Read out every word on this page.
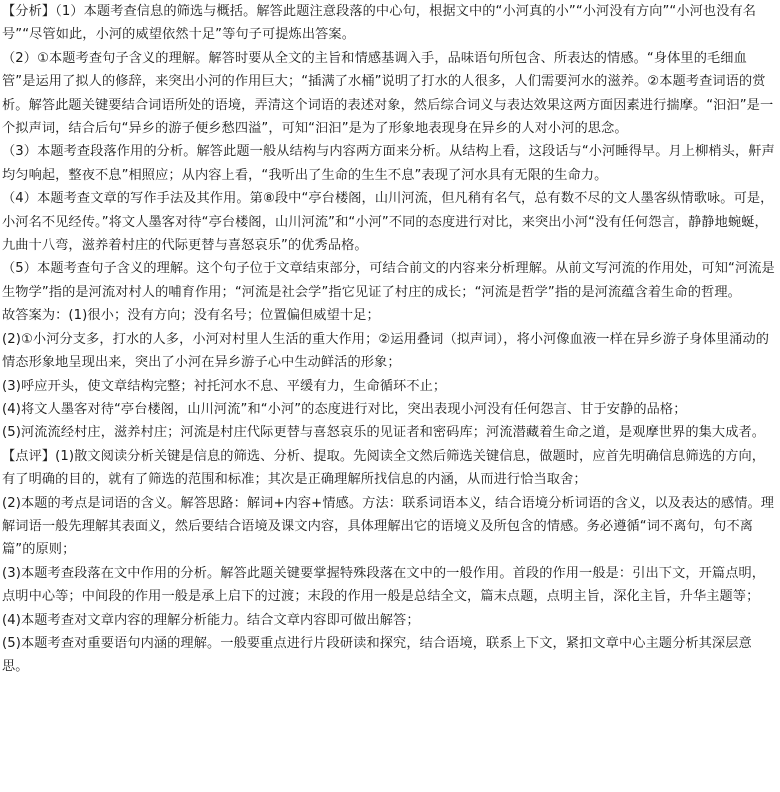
【分析】（1）本题考查信息的筛选与概括。解答此题注意段落的中心句，根据文中的“小河真的小”“小河没有方向”“小河也没有名号”“尽管如此，小河的威望依然十足”等句子可提炼出答案。

（2）①本题考查句子含义的理解。解答时要从全文的主旨和情感基调入手，品味语句所包含、所表达的情感。“身体里的毛细血管”是运用了拟人的修辞，来突出小河的作用巨大；“插满了水桶”说明了打水的人很多，人们需要河水的滋养。②本题考查词语的赏析。解答此题关键要结合词语所处的语境，弄清这个词语的表述对象，然后综合词义与表达效果这两方面因素进行揣摩。“汩汩”是一个拟声词，结合后句“异乡的游子便乡愁四溢”，可知“汩汩”是为了形象地表现身在异乡的人对小河的思念。

（3）本题考查段落作用的分析。解答此题一般从结构与内容两方面来分析。从结构上看，这段话与“小河睡得早。月上柳梢头，鼾声均匀响起，整夜不息”相照应；从内容上看，“我听出了生命的生生不息”表现了河水具有无限的生命力。

（4）本题考查文章的写作手法及其作用。第⑧段中“亭台楼阁，山川河流，但凡稍有名气，总有数不尽的文人墨客纵情歌咏。可是，小河名不见经传。”将文人墨客对待“亭台楼阁，山川河流”和“小河”不同的态度进行对比，来突出小河“没有任何怨言，静静地蜿蜒，九曲十八弯，滋养着村庄的代际更替与喜怒哀乐”的优秀品格。

（5）本题考查句子含义的理解。这个句子位于文章结束部分，可结合前文的内容来分析理解。从前文写河流的作用处，可知“河流是生物学”指的是河流对村人的哺育作用；“河流是社会学”指它见证了村庄的成长；“河流是哲学”指的是河流蕴含着生命的哲理。

故答案为：(1)很小；没有方向；没有名号；位置偏但威望十足；

(2)①小河分支多，打水的人多，小河对村里人生活的重大作用；②运用叠词（拟声词），将小河像血液一样在异乡游子身体里涌动的情态形象地呈现出来，突出了小河在异乡游子心中生动鲜活的形象；

(3)呼应开头，使文章结构完整；衬托河水不息、平缓有力，生命循环不止；

(4)将文人墨客对待“亭台楼阁，山川河流”和“小河”的态度进行对比，突出表现小河没有任何怨言、甘于安静的品格；

(5)河流流经村庄，滋养村庄；河流是村庄代际更替与喜怒哀乐的见证者和密码库；河流潜藏着生命之道，是观摩世界的集大成者。

【点评】(1)散文阅读分析关键是信息的筛选、分析、提取。先阅读全文然后筛选关键信息，做题时，应首先明确信息筛选的方向，有了明确的目的，就有了筛选的范围和标准；其次是正确理解所找信息的内涵，从而进行恰当取舍；

(2)本题的考点是词语的含义。解答思路：解词+内容+情感。方法：联系词语本义，结合语境分析词语的含义，以及表达的感情。理解词语一般先理解其表面义，然后要结合语境及课文内容，具体理解出它的语境义及所包含的情感。务必遵循“词不离句，句不离篇”的原则；

(3)本题考查段落在文中作用的分析。解答此题关键要掌握特殊段落在文中的一般作用。首段的作用一般是：引出下文，开篇点明，点明中心等；中间段的作用一般是承上启下的过渡；末段的作用一般是总结全文，篇末点题，点明主旨，深化主旨，升华主题等；

(4)本题考查对文章内容的理解分析能力。结合文章内容即可做出解答；

(5)本题考查对重要语句内涵的理解。一般要重点进行片段研读和探究，结合语境，联系上下文，紧扣文章中心主题分析其深层意思。
